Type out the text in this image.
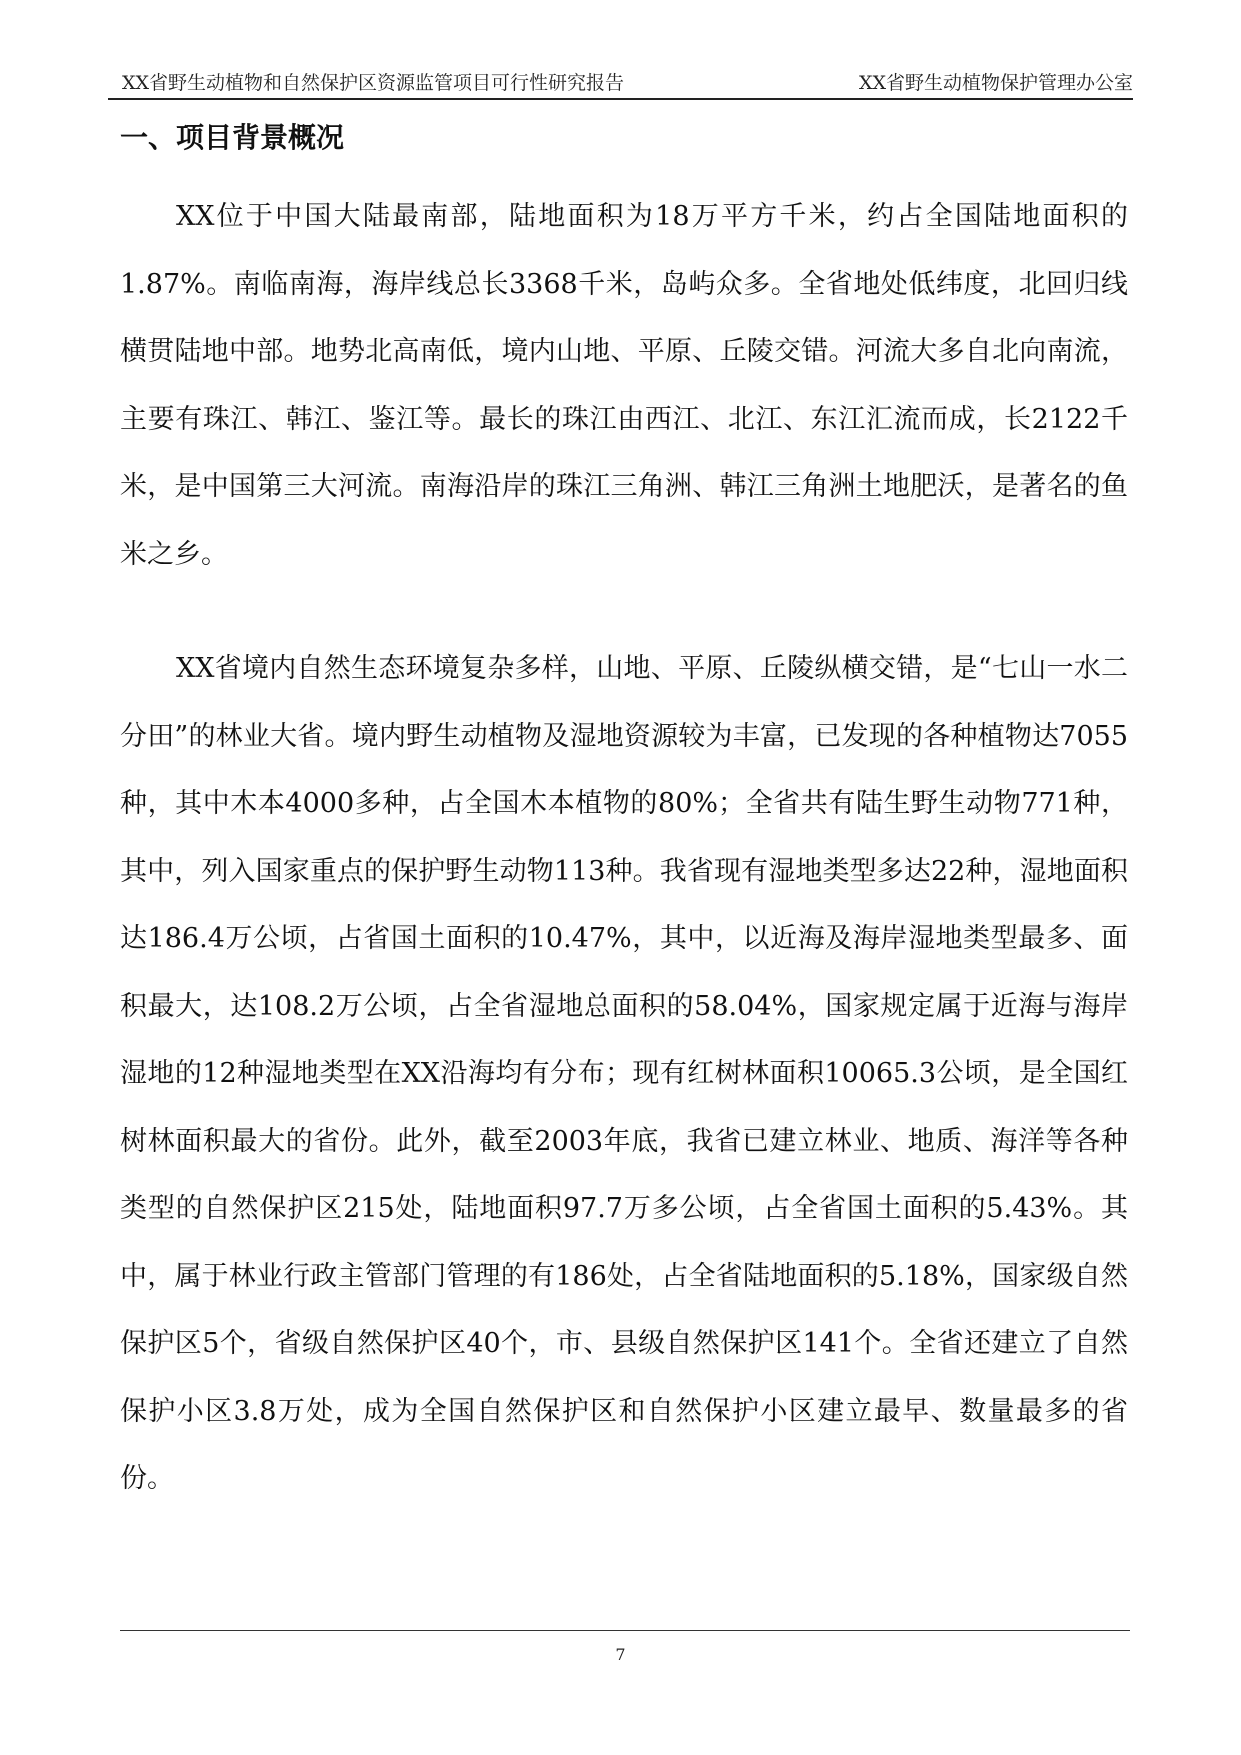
XX省野生动植物和自然保护区资源监管项目可行性研究报告	XX省野生动植物保护管理办公室
一、项目背景概况

XX位于中国大陆最南部，陆地面积为18万平方千米，约占全国陆地面积的1.87%。南临南海，海岸线总长3368千米，岛屿众多。全省地处低纬度，北回归线横贯陆地中部。地势北高南低，境内山地、平原、丘陵交错。河流大多自北向南流，主要有珠江、韩江、鉴江等。最长的珠江由西江、北江、东江汇流而成，长2122千米，是中国第三大河流。南海沿岸的珠江三角洲、韩江三角洲土地肥沃，是著名的鱼米之乡。

XX省境内自然生态环境复杂多样，山地、平原、丘陵纵横交错，是“七山一水二分田”的林业大省。境内野生动植物及湿地资源较为丰富，已发现的各种植物达7055种，其中木本4000多种，占全国木本植物的80%；全省共有陆生野生动物771种，其中，列入国家重点的保护野生动物113种。我省现有湿地类型多达22种，湿地面积达186.4万公顷，占省国土面积的10.47%，其中，以近海及海岸湿地类型最多、面积最大，达108.2万公顷，占全省湿地总面积的58.04%，国家规定属于近海与海岸湿地的12种湿地类型在XX沿海均有分布；现有红树林面积10065.3公顷，是全国红树林面积最大的省份。此外，截至2003年底，我省已建立林业、地质、海洋等各种类型的自然保护区215处，陆地面积97.7万多公顷，占全省国土面积的5.43%。其中，属于林业行政主管部门管理的有186处，占全省陆地面积的5.18%，国家级自然保护区5个，省级自然保护区40个，市、县级自然保护区141个。全省还建立了自然保护小区3.8万处，成为全国自然保护区和自然保护小区建立最早、数量最多的省份。

7
